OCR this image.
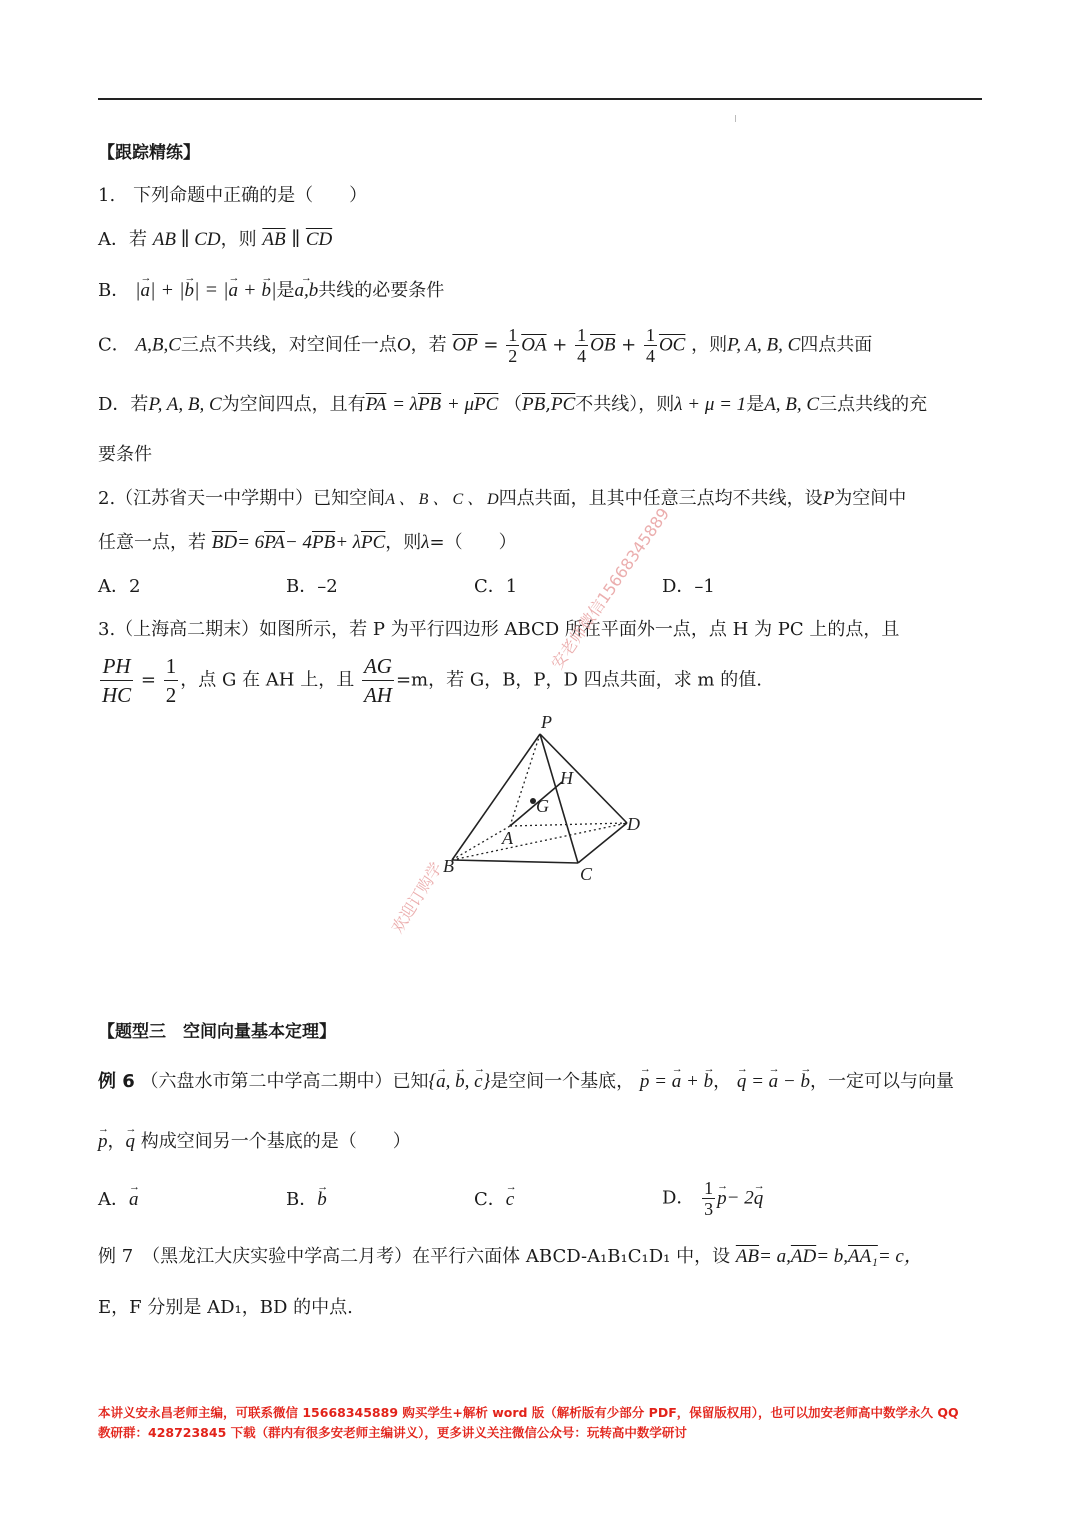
【跟踪精练】
1.　下列命题中正确的是（　　）
A．若 AB ∥ CD，则 $\overline{AB}$ ∥ $\overline{CD}$
B． |→ a| + |→ b| = |→ a + → b|是→ a,b共线的必要条件
C． A,B,C三点不共线，对空间任一点O，若 $\overline{OP} = \frac{1}{2} \overline{OA} + \frac{1}{4} \overline{OB} + \frac{1}{4} \overline{OC}$ ，则P, A, B, C四点共面
D．若P, A, B, C为空间四点，且有$\overline{PA} = \lambda\overline{PB} + \mu\overline{PC}$ （$\overline{PB},\overline{PC}$不共线），则λ + μ = 1是A, B, C三点共线的充
要条件
2.（江苏省天一中学期中）已知空间A 、 B 、 C 、 D四点共面，且其中任意三点均不共线，设P为空间中
任意一点，若 $\overline{BD}= 6\overline{PA}- 4\overline{PB}+ \lambda\overline{PC}$，则λ=（　　）
A．2	B．–2	C．1	D．–1
3.（上海高二期末）如图所示，若 P 为平行四边形 ABCD 所在平面外一点，点 H 为 PC 上的点，且
$\frac{PH}{HC} = \frac{1}{2}$ ，点 G 在 AH 上，且 $\frac{AG}{AH} =m$，若 G，B，P，D 四点共面，求 m 的值.
P
H
G
A
D
B	C
安老师微信15668345889
欢迎订购学
【题型三　空间向量基本定理】
例 6 （六盘水市第二中学高二期中）已知{→ a, → b, → c}是空间一个基底， → p = → a + → b， → q = → a − → b，一定可以与向量
→ p，→ q 构成空间另一个基底的是（　　）
A．→ a	B．→ b	C．→ c	D． $\frac{1}{3} \to p- 2\to q$
例 7　（黑龙江大庆实验中学高二月考）在平行六面体 ABCD-A₁B₁C₁D₁ 中，设 $\overline{AB}= a,\overline{AD}= b,AA_1= c$，
E，F 分别是 AD₁，BD 的中点.
本讲义安永昌老师主编，可联系微信 15668345889 购买学生+解析 word 版（解析版有少部分 PDF，保留版权用），也可以加安老师高中数学永久 QQ
教研群：428723845 下载（群内有很多安老师主编讲义），更多讲义关注微信公众号：玩转高中数学研讨
